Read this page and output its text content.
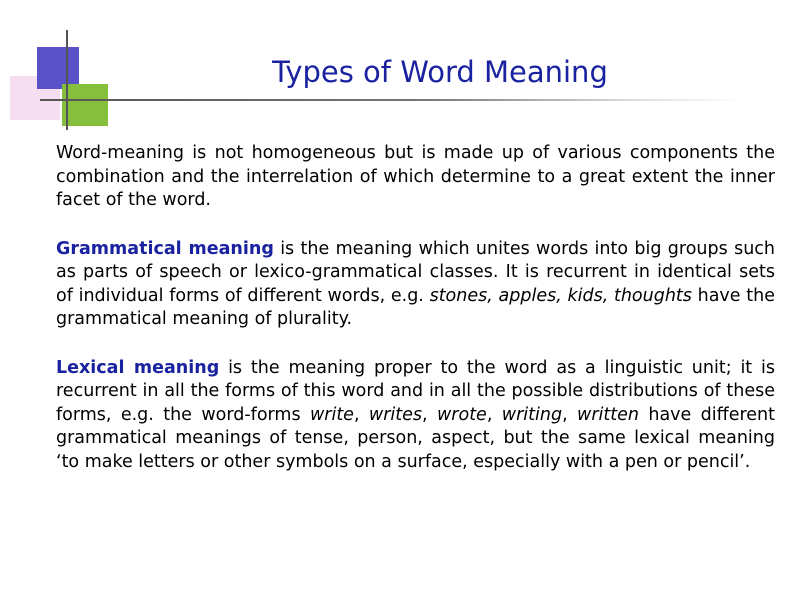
Types of Word Meaning

Word-meaning is not homogeneous but is made up of various components the combination and the interrelation of which determine to a great extent the inner facet of the word.

Grammatical meaning is the meaning which unites words into big groups such as parts of speech or lexico-grammatical classes. It is recurrent in identical sets of individual forms of different words, e.g. stones, apples, kids, thoughts have the grammatical meaning of plurality.

Lexical meaning is the meaning proper to the word as a linguistic unit; it is recurrent in all the forms of this word and in all the possible distributions of these forms, e.g. the word-forms write, writes, wrote, writing, written have different grammatical meanings of tense, person, aspect, but the same lexical meaning ‘to make letters or other symbols on a surface, especially with a pen or pencil’.
